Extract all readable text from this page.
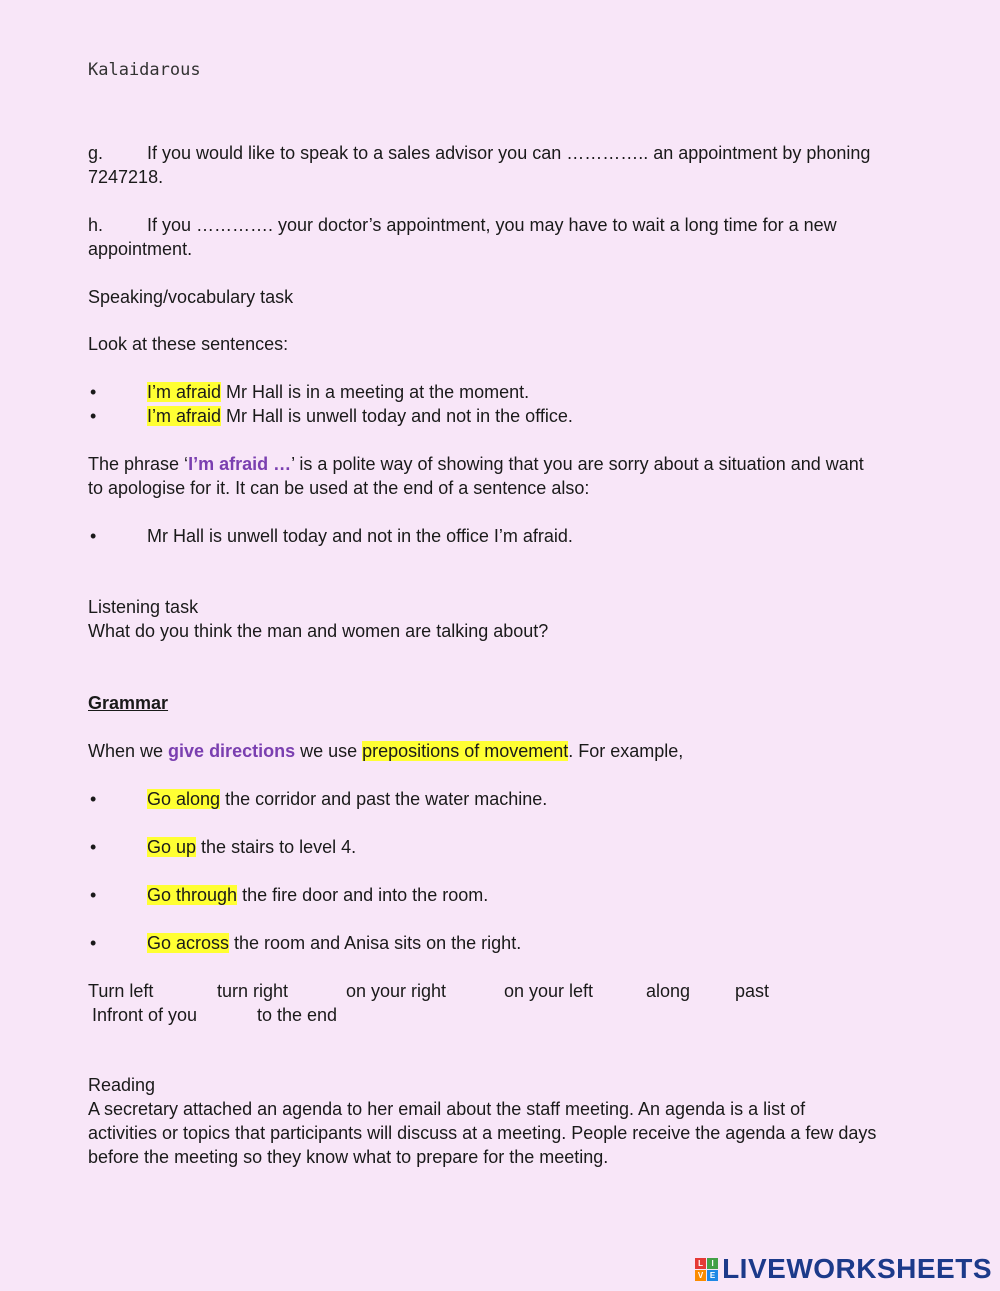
Kalaidarous
g.	If you would like to speak to a sales advisor you can ………….. an appointment by phoning
7247218.
h.	If you …………. your doctor’s appointment, you may have to wait a long time for a new
appointment.
Speaking/vocabulary task
Look at these sentences:
•	I’m afraid Mr Hall is in a meeting at the moment.
•	I’m afraid Mr Hall is unwell today and not in the office.
The phrase ‘I’m afraid …’ is a polite way of showing that you are sorry about a situation and want
to apologise for it. It can be used at the end of a sentence also:
•	Mr Hall is unwell today and not in the office I’m afraid.
Listening task
What do you think the man and women are talking about?
Grammar
When we give directions we use prepositions of movement. For example,
•	Go along the corridor and past the water machine.
•	Go up the stairs to level 4.
•	Go through the fire door and into the room.
•	Go across the room and Anisa sits on the right.
Turn left	turn right	on your right	on your left	along	past
Infront of you	to the end
Reading
A secretary attached an agenda to her email about the staff meeting. An agenda is a list of
activities or topics that participants will discuss at a meeting. People receive the agenda a few days
before the meeting so they know what to prepare for the meeting.
L	I
V E LIVEWORKSHEETS
